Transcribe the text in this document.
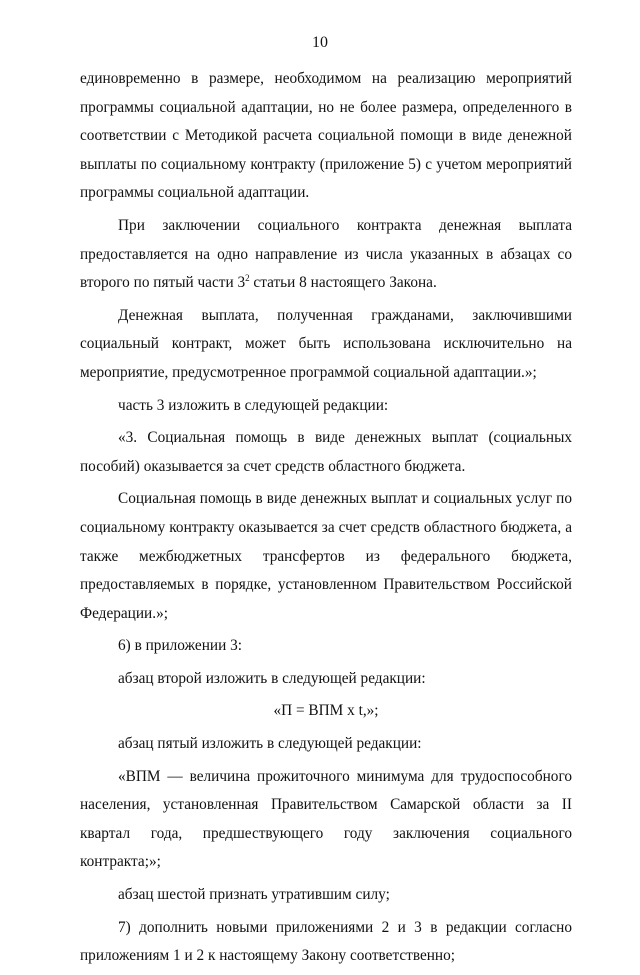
10

единовременно в размере, необходимом на реализацию мероприятий программы социальной адаптации, но не более размера, определенного в соответствии с Методикой расчета социальной помощи в виде денежной выплаты по социальному контракту (приложение 5) с учетом мероприятий программы социальной адаптации.

При заключении социального контракта денежная выплата предоставляется на одно направление из числа указанных в абзацах со второго по пятый части $3^2$ статьи 8 настоящего Закона.

Денежная выплата, полученная гражданами, заключившими социальный контракт, может быть использована исключительно на мероприятие, предусмотренное программой социальной адаптации.»;

часть 3 изложить в следующей редакции:

«3. Социальная помощь в виде денежных выплат (социальных пособий) оказывается за счет средств областного бюджета.

Социальная помощь в виде денежных выплат и социальных услуг по социальному контракту оказывается за счет средств областного бюджета, а также межбюджетных трансфертов из федерального бюджета, предоставляемых в порядке, установленном Правительством Российской Федерации.»;

6) в приложении 3:

абзац второй изложить в следующей редакции:

«П = ВПМ x t,»;

абзац пятый изложить в следующей редакции:

«ВПМ — величина прожиточного минимума для трудоспособного населения, установленная Правительством Самарской области за II квартал года, предшествующего году заключения социального контракта;»;

абзац шестой признать утратившим силу;

7) дополнить новыми приложениями 2 и 3 в редакции согласно приложениям 1 и 2 к настоящему Закону соответственно;
